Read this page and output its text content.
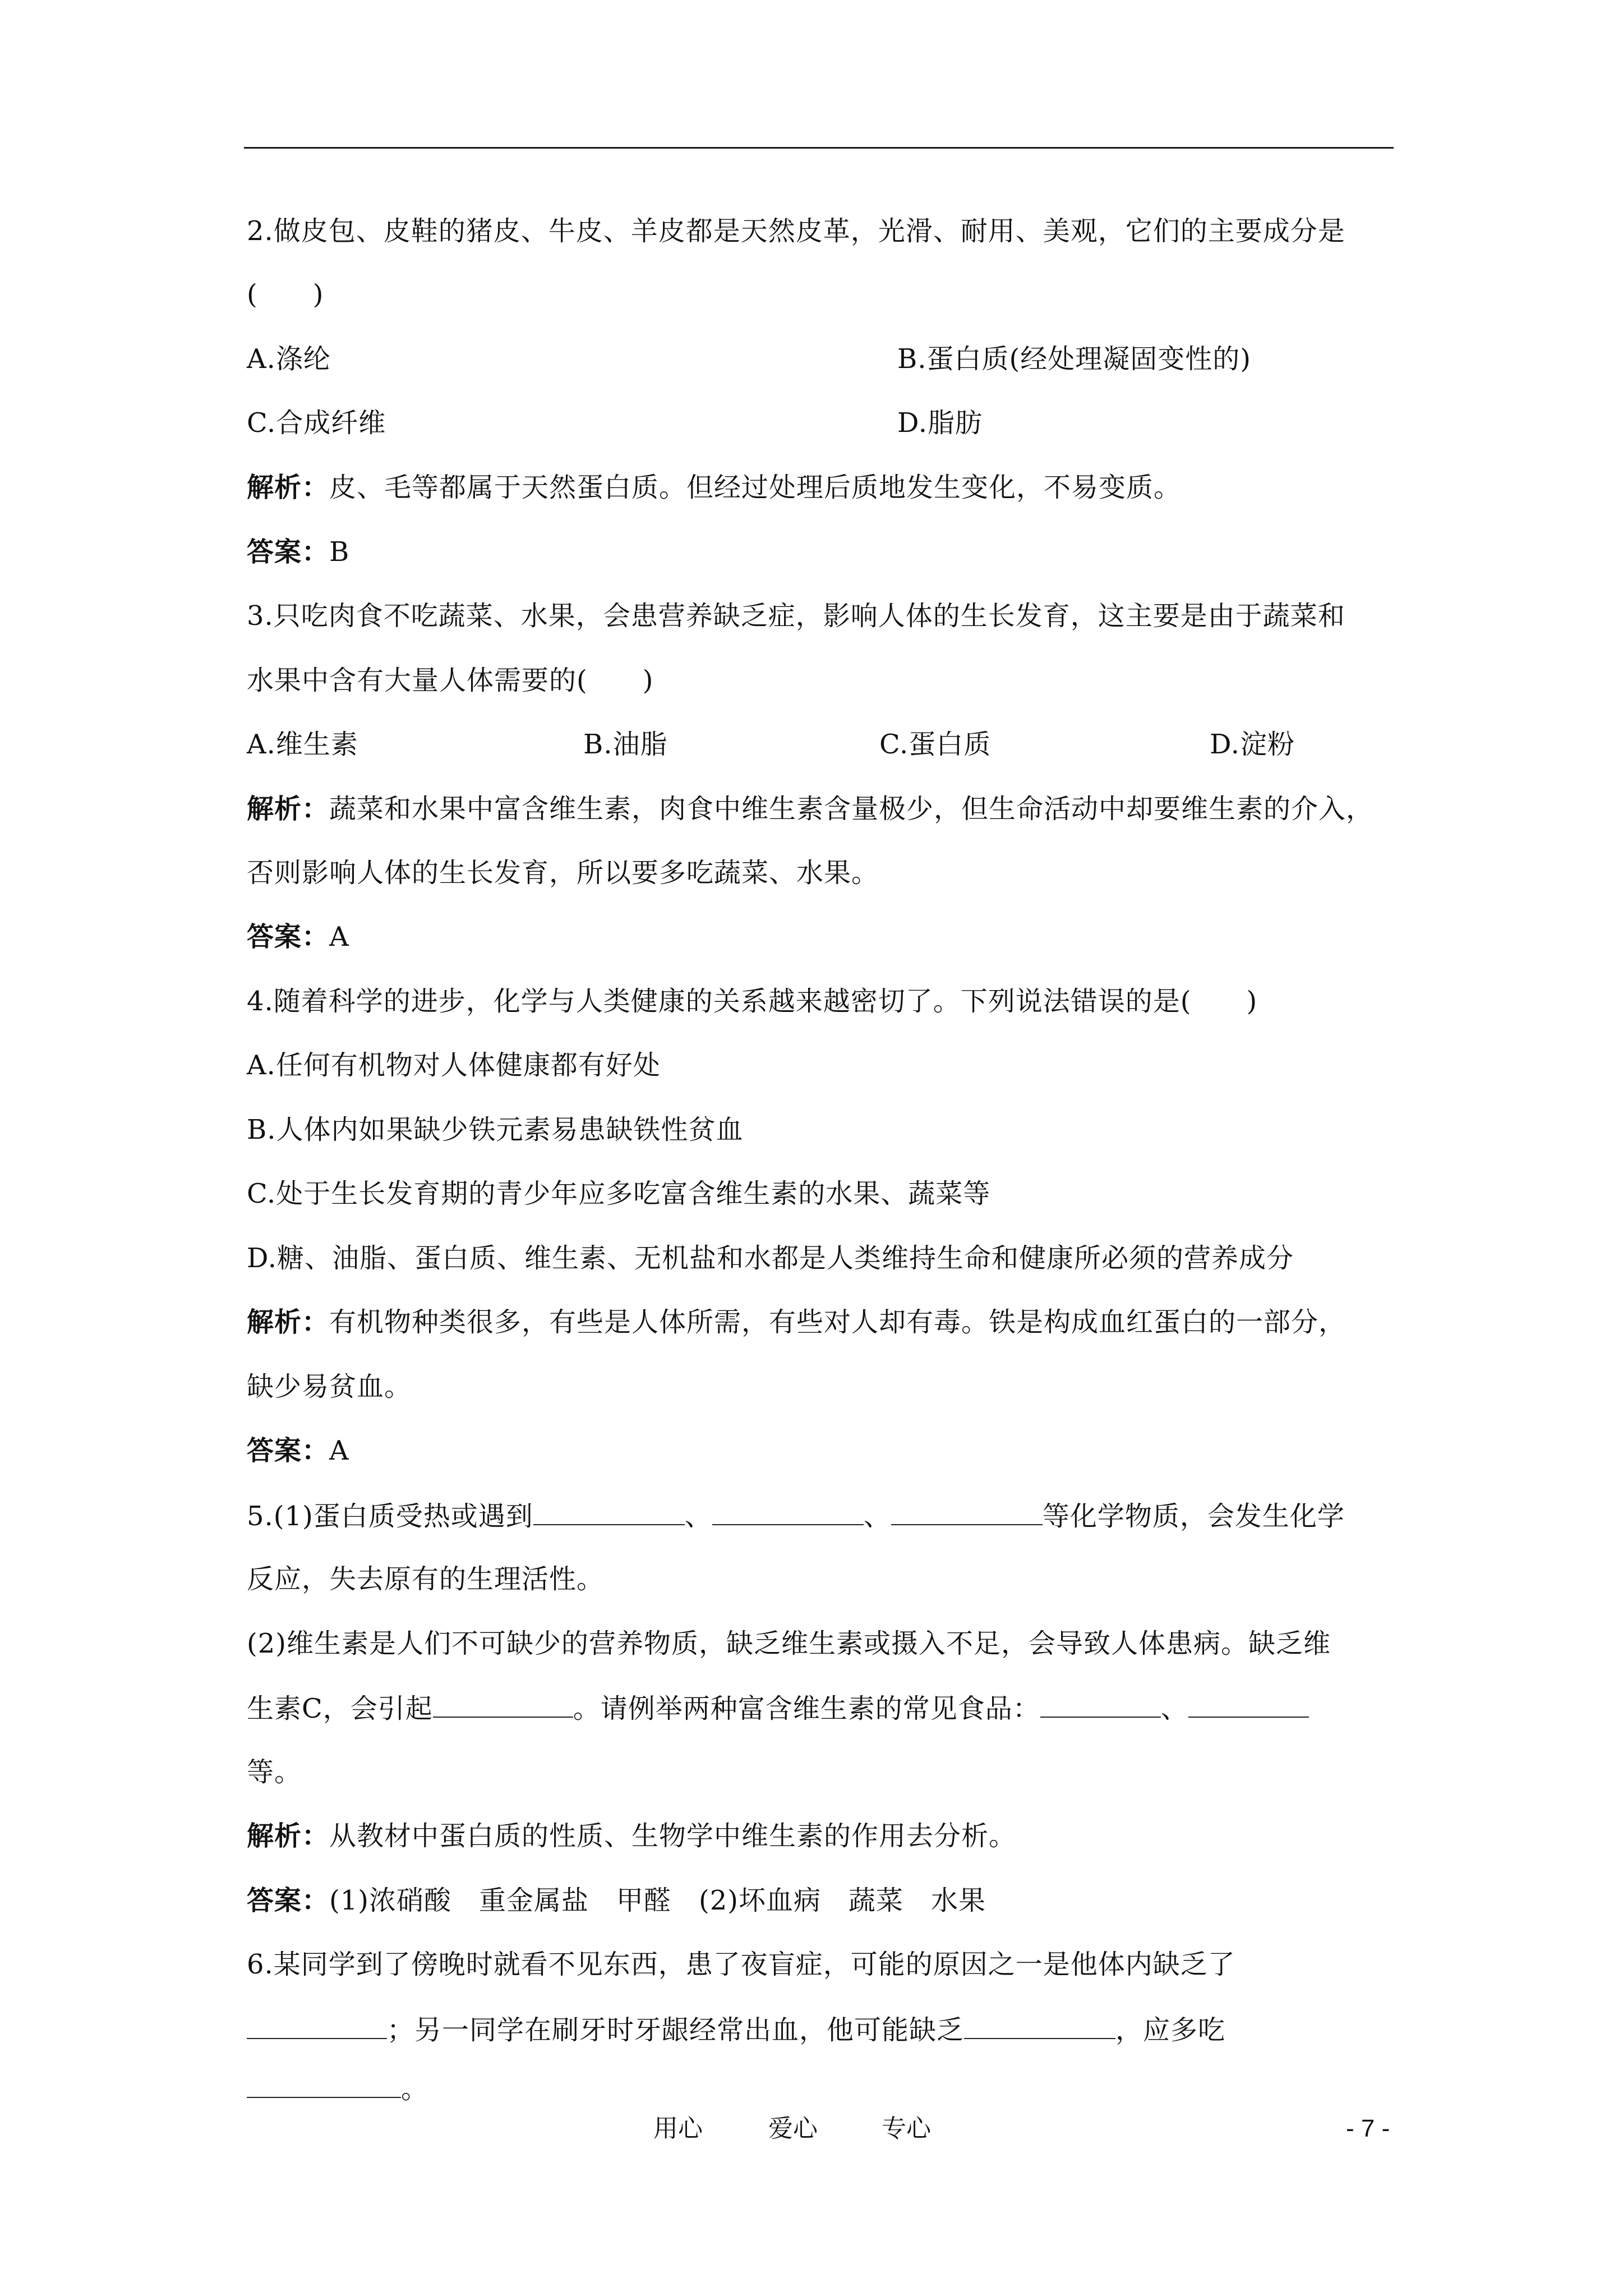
2.做皮包、皮鞋的猪皮、牛皮、羊皮都是天然皮革，光滑、耐用、美观，它们的主要成分是
(　　)
A.涤纶	B.蛋白质(经处理凝固变性的)
C.合成纤维	D.脂肪
解析：皮、毛等都属于天然蛋白质。但经过处理后质地发生变化，不易变质。
答案：B
3.只吃肉食不吃蔬菜、水果，会患营养缺乏症，影响人体的生长发育，这主要是由于蔬菜和
水果中含有大量人体需要的(　　)
A.维生素	B.油脂	C.蛋白质	D.淀粉
解析：蔬菜和水果中富含维生素，肉食中维生素含量极少，但生命活动中却要维生素的介入，
否则影响人体的生长发育，所以要多吃蔬菜、水果。
答案：A
4.随着科学的进步，化学与人类健康的关系越来越密切了。下列说法错误的是(　　)
A.任何有机物对人体健康都有好处
B.人体内如果缺少铁元素易患缺铁性贫血
C.处于生长发育期的青少年应多吃富含维生素的水果、蔬菜等
D.糖、油脂、蛋白质、维生素、无机盐和水都是人类维持生命和健康所必须的营养成分
解析：有机物种类很多，有些是人体所需，有些对人却有毒。铁是构成血红蛋白的一部分，
缺少易贫血。
答案：A
5.(1)蛋白质受热或遇到	、	、	等化学物质，会发生化学
反应，失去原有的生理活性。
(2)维生素是人们不可缺少的营养物质，缺乏维生素或摄入不足，会导致人体患病。缺乏维
生素C，会引起	。请例举两种富含维生素的常见食品：	、
等。
解析：从教材中蛋白质的性质、生物学中维生素的作用去分析。
答案：(1)浓硝酸　重金属盐　甲醛　(2)坏血病　蔬菜　水果
6.某同学到了傍晚时就看不见东西，患了夜盲症，可能的原因之一是他体内缺乏了
；另一同学在刷牙时牙龈经常出血，他可能缺乏	，应多吃
。
用心	爱心	专心	- 7 -
